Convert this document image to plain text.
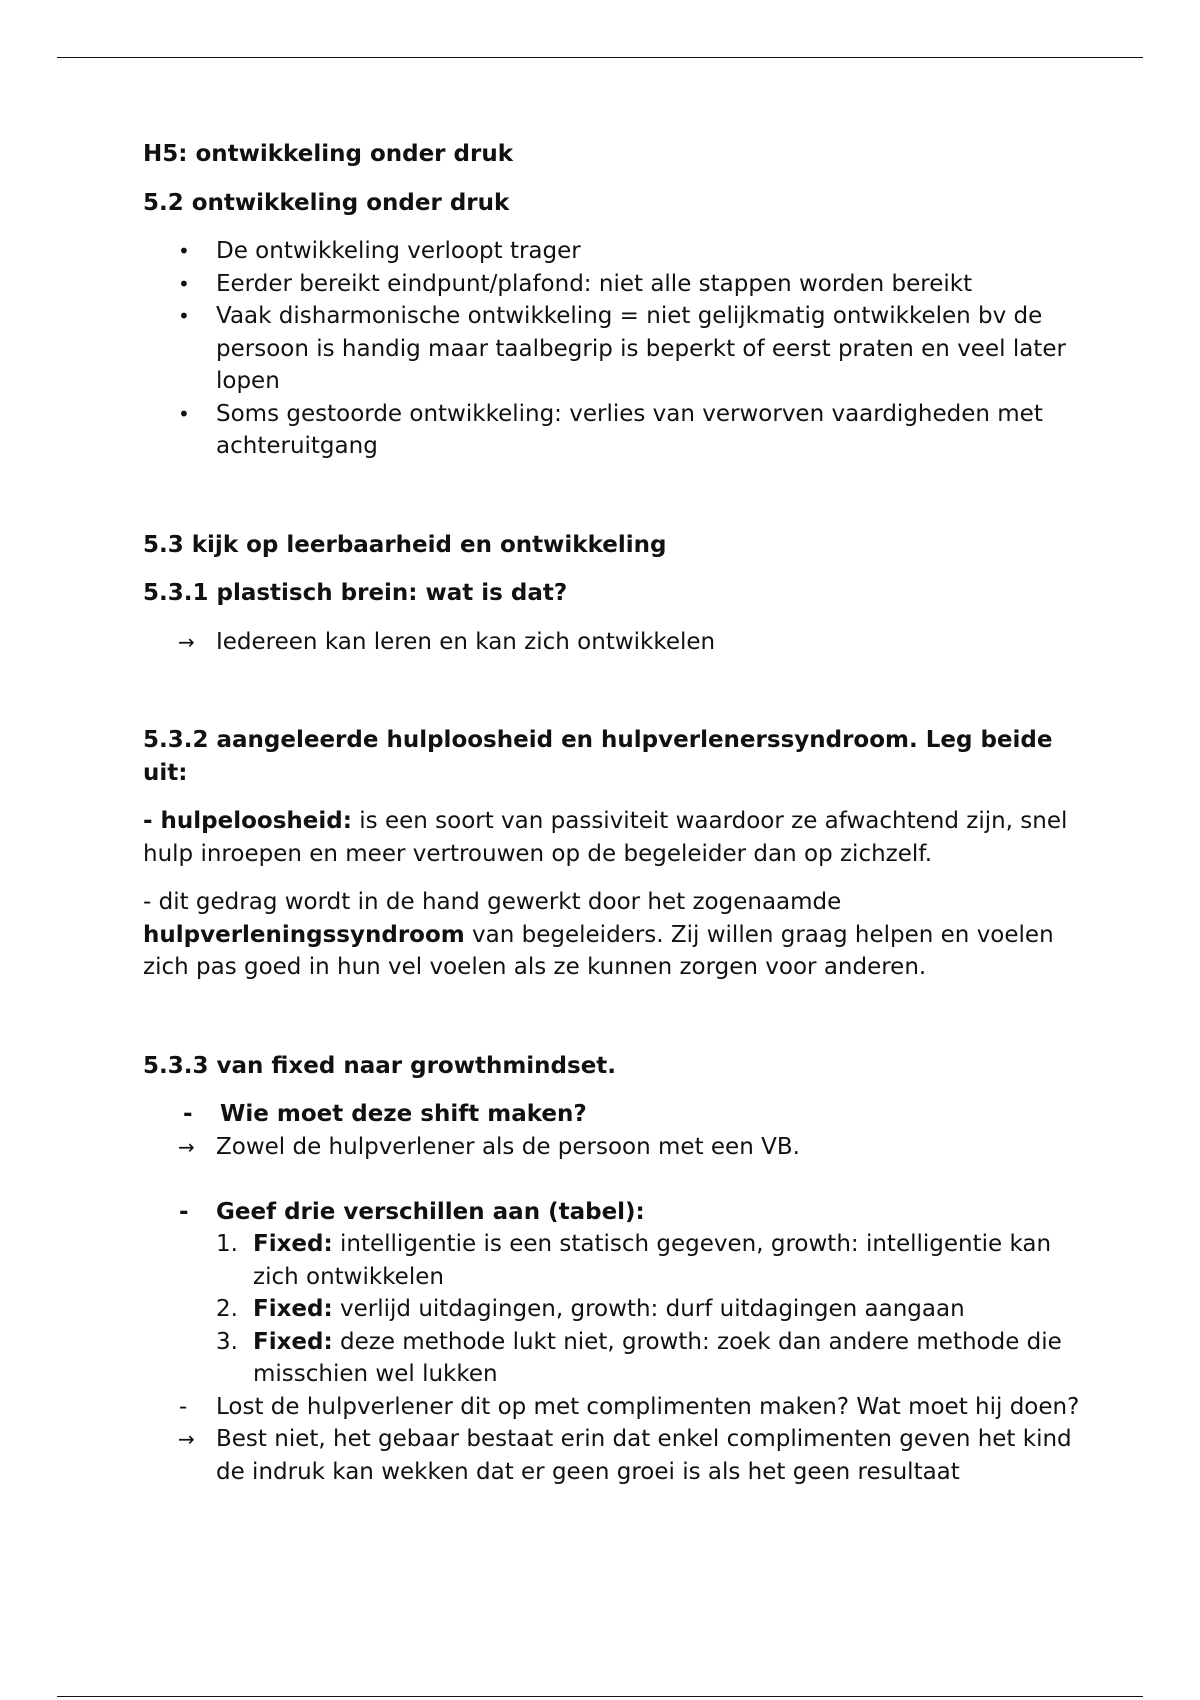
H5: ontwikkeling onder druk

5.2 ontwikkeling onder druk

• De ontwikkeling verloopt trager
• Eerder bereikt eindpunt/plafond: niet alle stappen worden bereikt
• Vaak disharmonische ontwikkeling = niet gelijkmatig ontwikkelen bv de persoon is handig maar taalbegrip is beperkt of eerst praten en veel later lopen
• Soms gestoorde ontwikkeling: verlies van verworven vaardigheden met achteruitgang

5.3 kijk op leerbaarheid en ontwikkeling

5.3.1 plastisch brein: wat is dat?

→ Iedereen kan leren en kan zich ontwikkelen

5.3.2 aangeleerde hulploosheid en hulpverlenerssyndroom. Leg beide uit:

- hulpeloosheid: is een soort van passiviteit waardoor ze afwachtend zijn, snel hulp inroepen en meer vertrouwen op de begeleider dan op zichzelf.

- dit gedrag wordt in de hand gewerkt door het zogenaamde
hulpverleningssyndroom van begeleiders. Zij willen graag helpen en voelen zich pas goed in hun vel voelen als ze kunnen zorgen voor anderen.

5.3.3 van fixed naar growthmindset.

- Wie moet deze shift maken?
→ Zowel de hulpverlener als de persoon met een VB.
- Geef drie verschillen aan (tabel):
1. Fixed: intelligentie is een statisch gegeven, growth: intelligentie kan zich ontwikkelen
2. Fixed: verlijd uitdagingen, growth: durf uitdagingen aangaan
3. Fixed: deze methode lukt niet, growth: zoek dan andere methode die misschien wel lukken
- Lost de hulpverlener dit op met complimenten maken? Wat moet hij doen?
→ Best niet, het gebaar bestaat erin dat enkel complimenten geven het kind de indruk kan wekken dat er geen groei is als het geen resultaat
